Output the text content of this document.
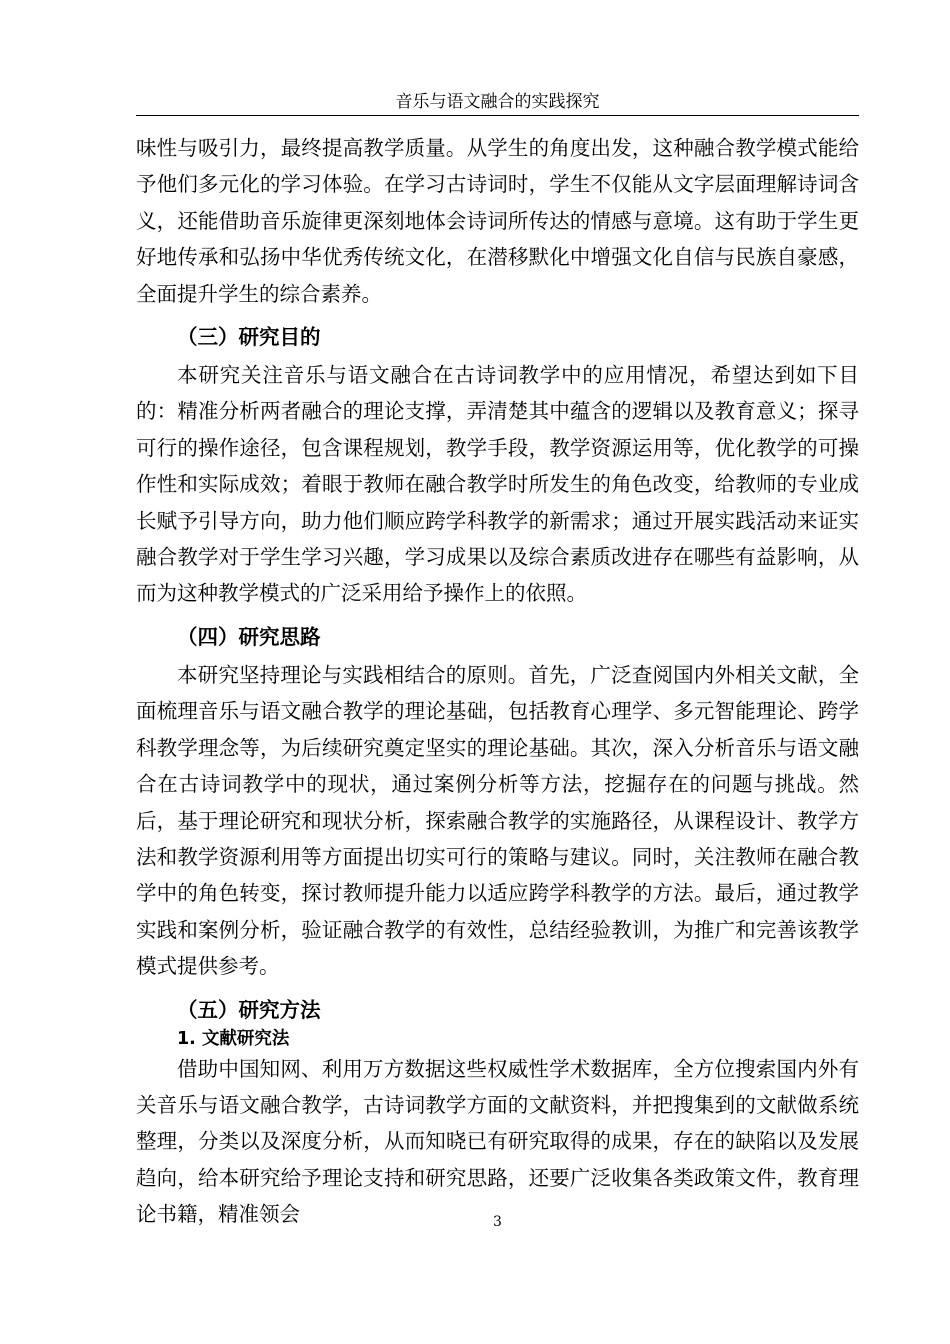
音乐与语文融合的实践探究

味性与吸引力，最终提高教学质量。从学生的角度出发，这种融合教学模式能给予他们多元化的学习体验。在学习古诗词时，学生不仅能从文字层面理解诗词含义，还能借助音乐旋律更深刻地体会诗词所传达的情感与意境。这有助于学生更好地传承和弘扬中华优秀传统文化，在潜移默化中增强文化自信与民族自豪感，全面提升学生的综合素养。

（三）研究目的

本研究关注音乐与语文融合在古诗词教学中的应用情况，希望达到如下目的：精准分析两者融合的理论支撑，弄清楚其中蕴含的逻辑以及教育意义；探寻可行的操作途径，包含课程规划，教学手段，教学资源运用等，优化教学的可操作性和实际成效；着眼于教师在融合教学时所发生的角色改变，给教师的专业成长赋予引导方向，助力他们顺应跨学科教学的新需求；通过开展实践活动来证实融合教学对于学生学习兴趣，学习成果以及综合素质改进存在哪些有益影响，从而为这种教学模式的广泛采用给予操作上的依照。

（四）研究思路

本研究坚持理论与实践相结合的原则。首先，广泛查阅国内外相关文献，全面梳理音乐与语文融合教学的理论基础，包括教育心理学、多元智能理论、跨学科教学理念等，为后续研究奠定坚实的理论基础。其次，深入分析音乐与语文融合在古诗词教学中的现状，通过案例分析等方法，挖掘存在的问题与挑战。然后，基于理论研究和现状分析，探索融合教学的实施路径，从课程设计、教学方法和教学资源利用等方面提出切实可行的策略与建议。同时，关注教师在融合教学中的角色转变，探讨教师提升能力以适应跨学科教学的方法。最后，通过教学实践和案例分析，验证融合教学的有效性，总结经验教训，为推广和完善该教学模式提供参考。

（五）研究方法
1. 文献研究法

借助中国知网、利用万方数据这些权威性学术数据库，全方位搜索国内外有关音乐与语文融合教学，古诗词教学方面的文献资料，并把搜集到的文献做系统整理，分类以及深度分析，从而知晓已有研究取得的成果，存在的缺陷以及发展趋向，给本研究给予理论支持和研究思路，还要广泛收集各类政策文件，教育理论书籍，精准领会	3
